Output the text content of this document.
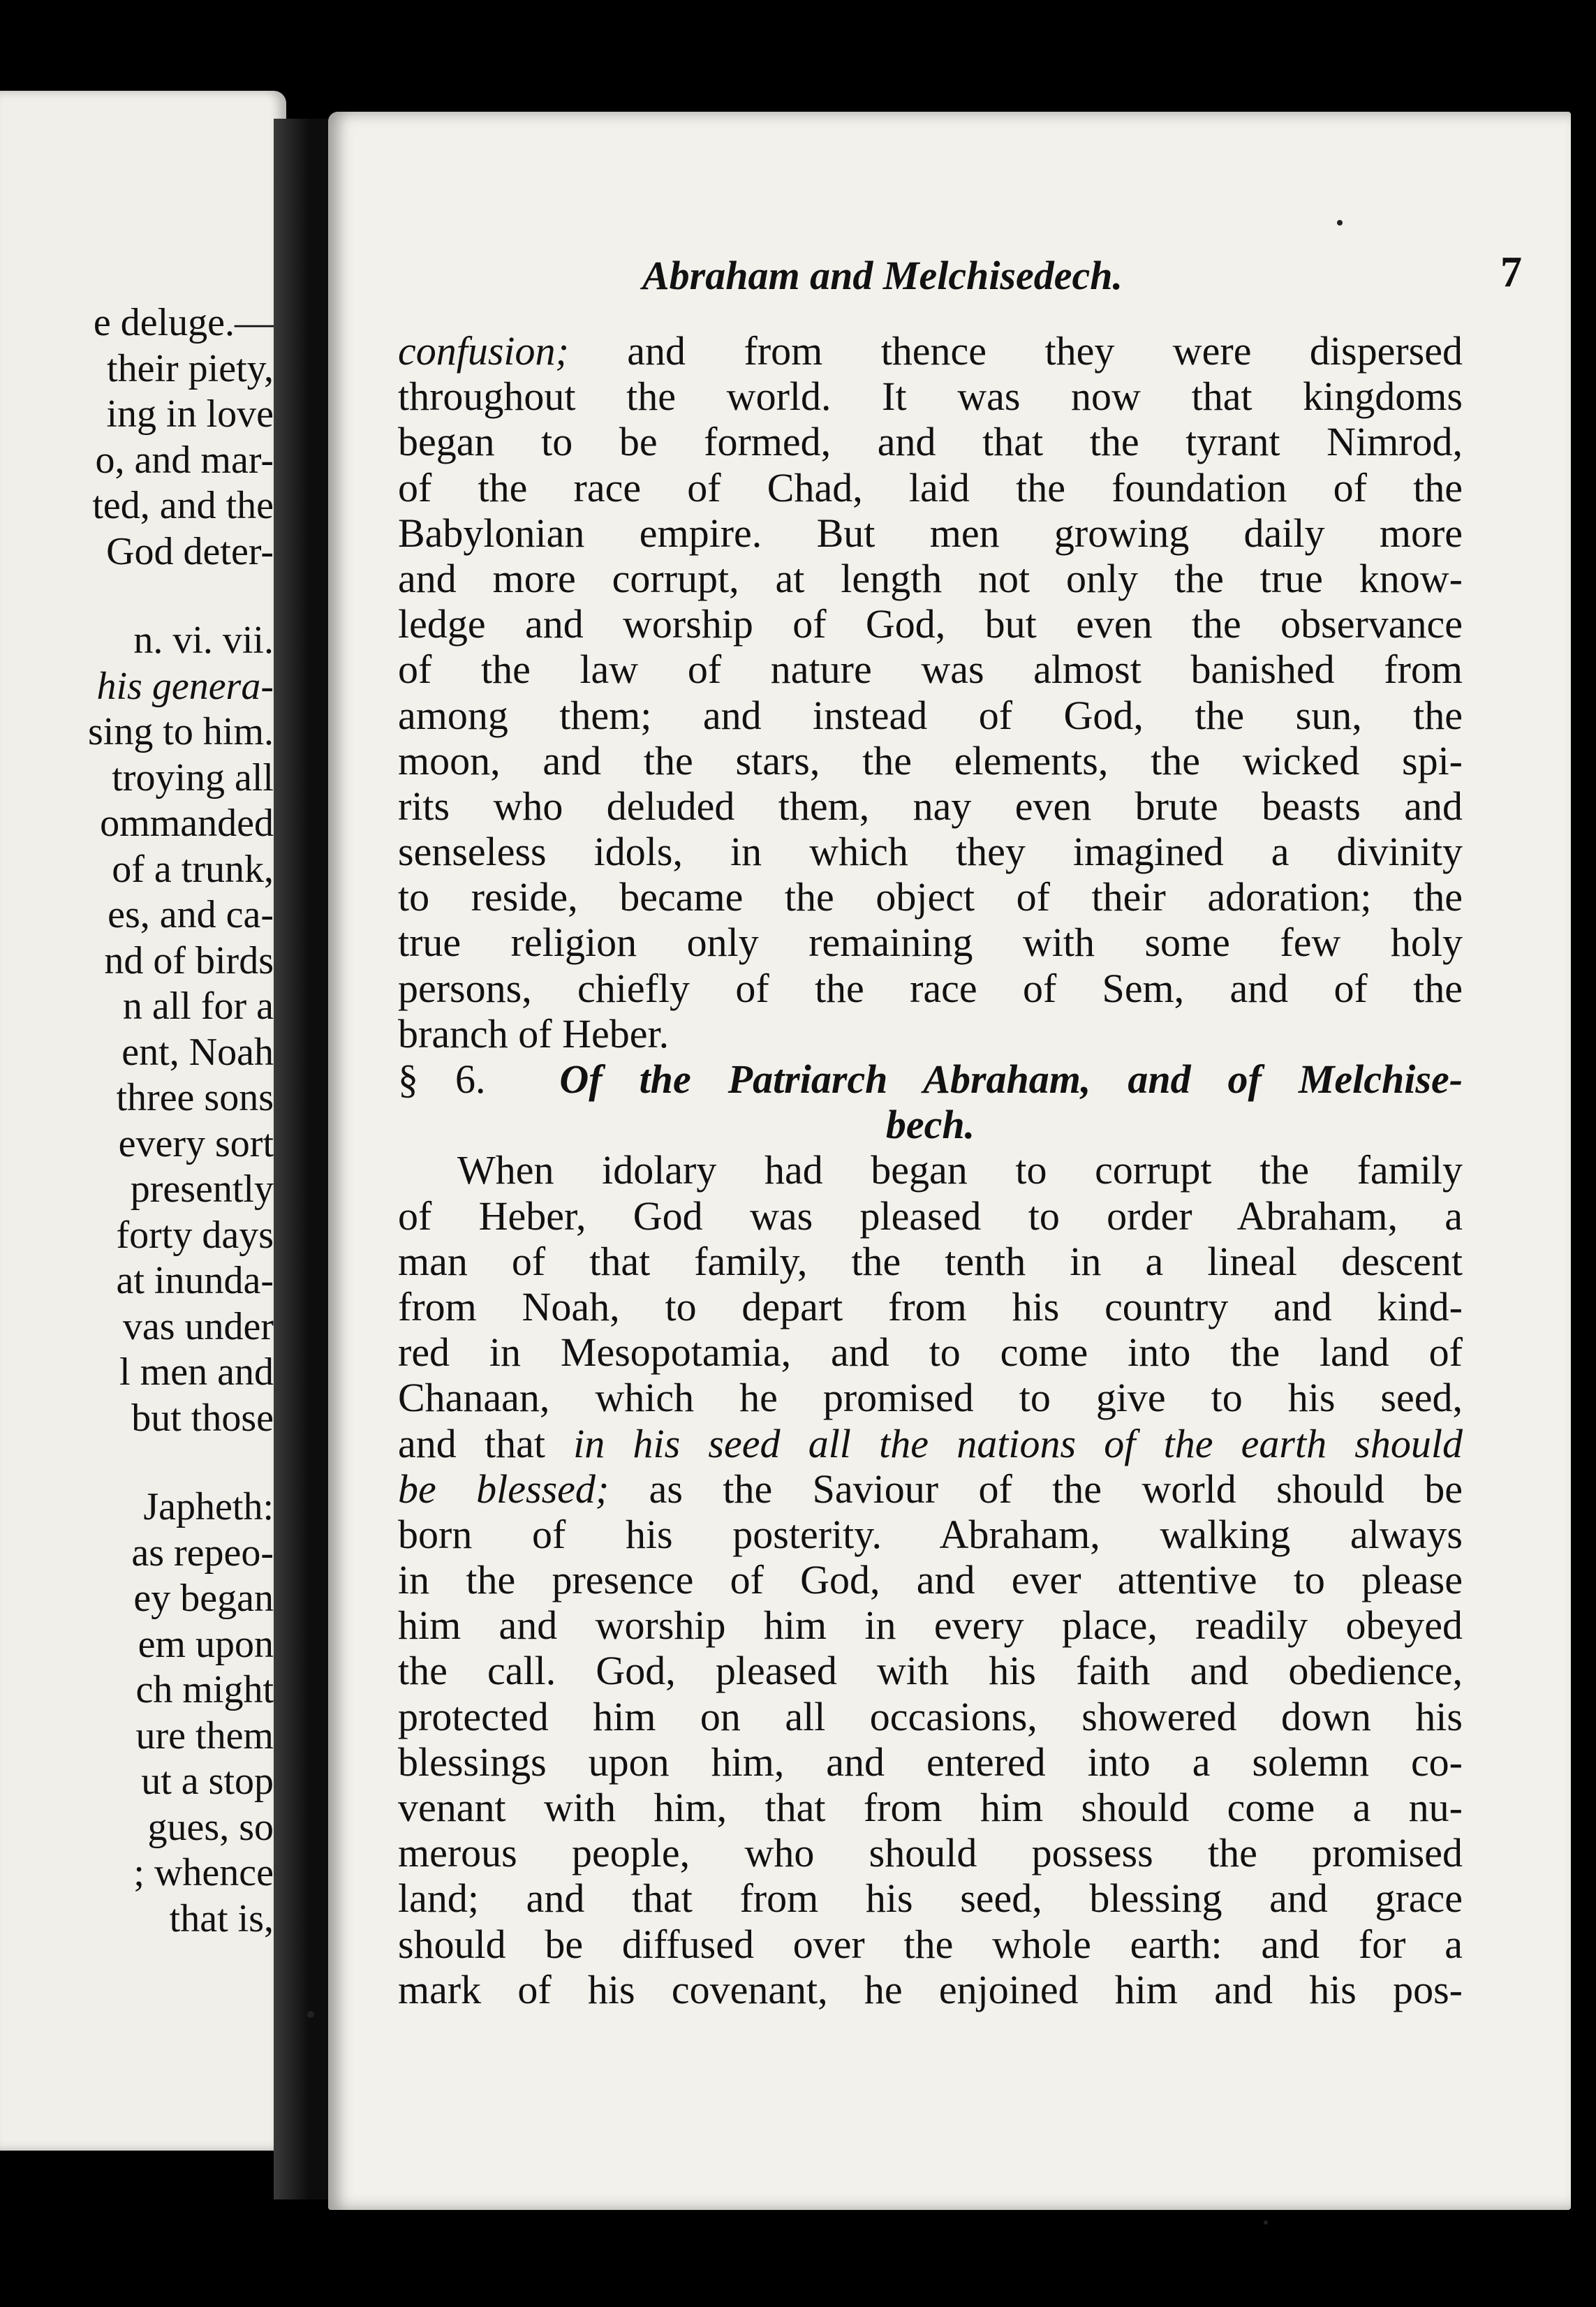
e deluge.—
their piety,
ing in love
o, and mar-
ted, and the
God deter-
n. vi. vii.
his genera-
sing to him.
troying all
ommanded
of a trunk,
es, and ca-
nd of birds
n all for a
ent, Noah
three sons
every sort
presently
forty days
at inunda-
vas under
l men and
but those
Japheth:
as repeo-
ey began
em upon
ch might
ure them
ut a stop
gues, so
; whence
that is,
Abraham and Melchisedech.	7
confusion; and from thence they were dispersed
throughout the world. It was now that kingdoms
began to be formed, and that the tyrant Nimrod,
of the race of Chad, laid the foundation of the
Babylonian empire. But men growing daily more
and more corrupt, at length not only the true know-
ledge and worship of God, but even the observance
of the law of nature was almost banished from
among them; and instead of God, the sun, the
moon, and the stars, the elements, the wicked spi-
rits who deluded them, nay even brute beasts and
senseless idols, in which they imagined a divinity
to reside, became the object of their adoration; the
true religion only remaining with some few holy
persons, chiefly of the race of Sem, and of the
branch of Heber.
§ 6. Of the Patriarch Abraham, and of Melchise-
bech.
When idolary had began to corrupt the family
of Heber, God was pleased to order Abraham, a
man of that family, the tenth in a lineal descent
from Noah, to depart from his country and kind-
red in Mesopotamia, and to come into the land of
Chanaan, which he promised to give to his seed,
and that in his seed all the nations of the earth should
be blessed; as the Saviour of the world should be
born of his posterity. Abraham, walking always
in the presence of God, and ever attentive to please
him and worship him in every place, readily obeyed
the call. God, pleased with his faith and obedience,
protected him on all occasions, showered down his
blessings upon him, and entered into a solemn co-
venant with him, that from him should come a nu-
merous people, who should possess the promised
land; and that from his seed, blessing and grace
should be diffused over the whole earth: and for a
mark of his covenant, he enjoined him and his pos-
